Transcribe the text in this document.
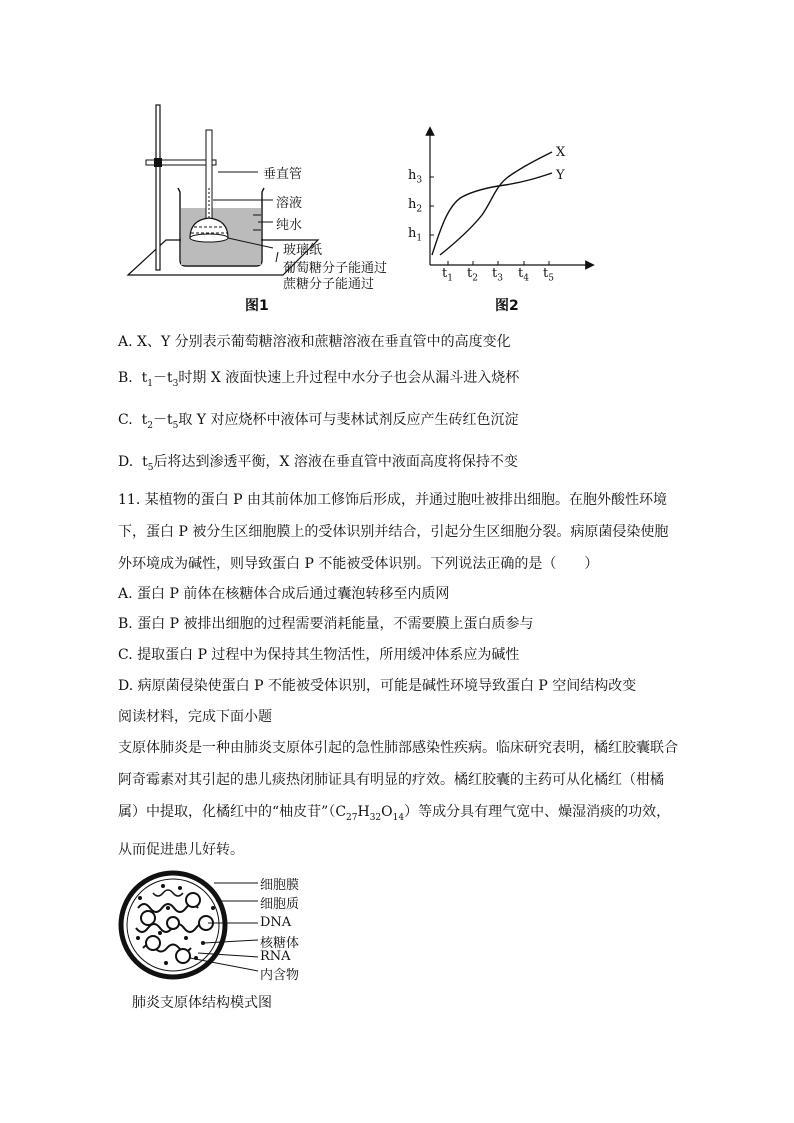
垂直管
溶液
纯水
玻璃纸
葡萄糖分子能通过
蔗糖分子能通过
图1
$h_3$
$h_2$
$h_1$
$t_1$ $t_2$ $t_3$ $t_4$ $t_5$
X
Y
图2
A. X、Y 分别表示葡萄糖溶液和蔗糖溶液在垂直管中的高度变化
B. $t_1-t_3$时期 X 液面快速上升过程中水分子也会从漏斗进入烧杯
C. $t_2-t_5$取 Y 对应烧杯中液体可与斐林试剂反应产生砖红色沉淀
D. $t_5$后将达到渗透平衡，X 溶液在垂直管中液面高度将保持不变
11. 某植物的蛋白 P 由其前体加工修饰后形成，并通过胞吐被排出细胞。在胞外酸性环境下，蛋白 P 被分生区细胞膜上的受体识别并结合，引起分生区细胞分裂。病原菌侵染使胞外环境成为碱性，则导致蛋白 P 不能被受体识别。下列说法正确的是（　　）
A. 蛋白 P 前体在核糖体合成后通过囊泡转移至内质网
B. 蛋白 P 被排出细胞的过程需要消耗能量，不需要膜上蛋白质参与
C. 提取蛋白 P 过程中为保持其生物活性，所用缓冲体系应为碱性
D. 病原菌侵染使蛋白 P 不能被受体识别，可能是碱性环境导致蛋白 P 空间结构改变
阅读材料，完成下面小题
支原体肺炎是一种由肺炎支原体引起的急性肺部感染性疾病。临床研究表明，橘红胶囊联合阿奇霉素对其引起的患儿痰热闭肺证具有明显的疗效。橘红胶囊的主药可从化橘红（柑橘属）中提取，化橘红中的“柚皮苷$”(C_{27}H_{32}O_{14})$等成分具有理气宽中、燥湿消痰的功效，从而促进患儿好转。
细胞膜
细胞质
DNA
核糖体
RNA
内含物
肺炎支原体结构模式图
